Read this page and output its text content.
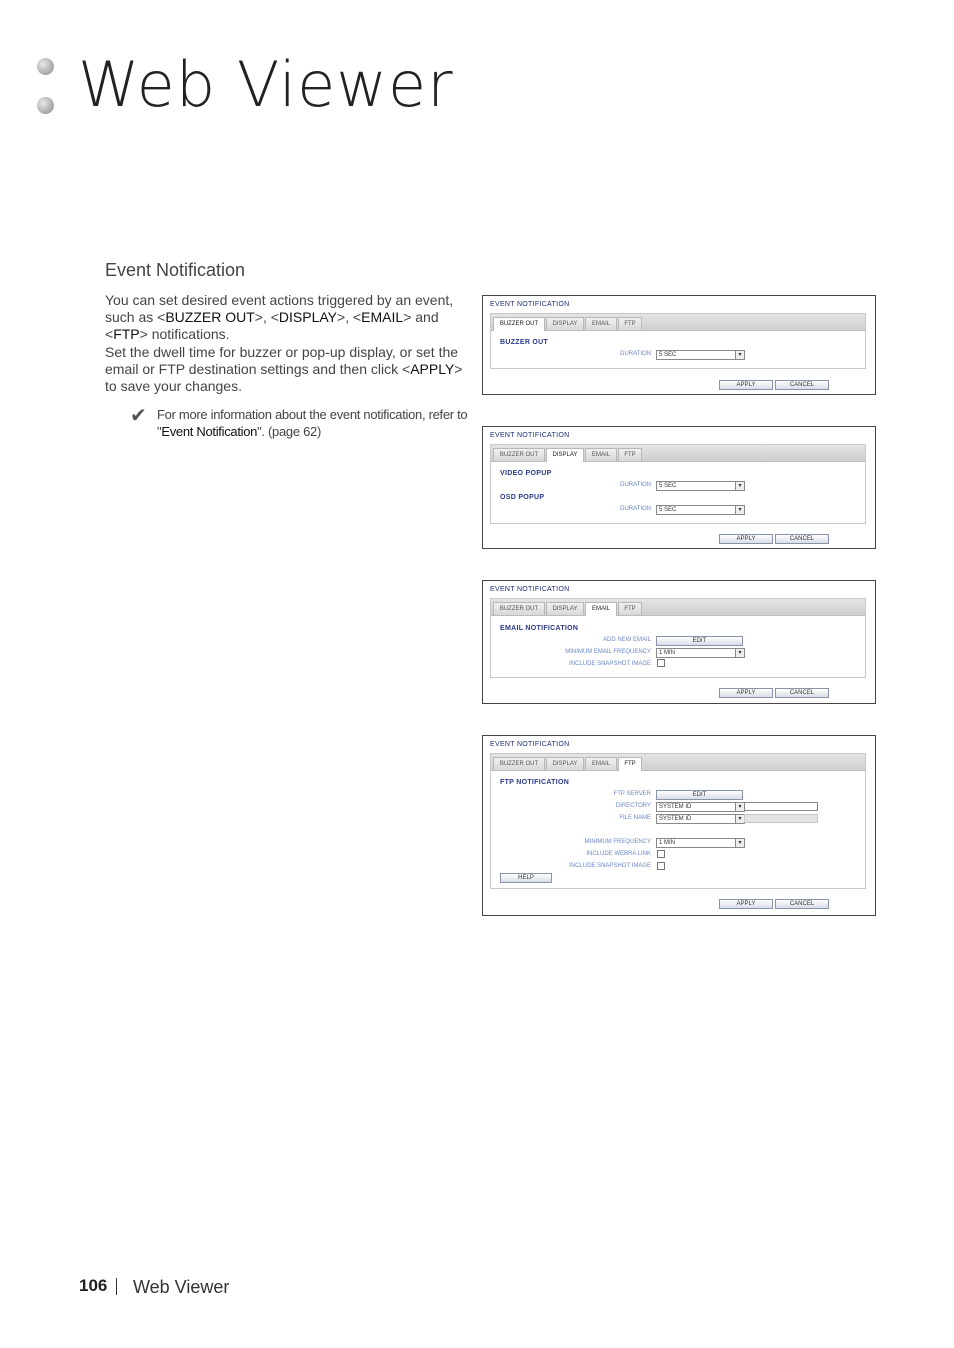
Web Viewer
Event Notification
You can set desired event actions triggered by an event, such as <BUZZER OUT>, <DISPLAY>, <EMAIL> and <FTP> notifications.
Set the dwell time for buzzer or pop-up display, or set the email or FTP destination settings and then click <APPLY> to save your changes.
✔ For more information about the event notification, refer to "Event Notification". (page 62)
EVENT NOTIFICATION
BUZZER OUT	DISPLAY	EMAIL	FTP
BUZZER OUT
DURATION	5 SEC	▾
APPLY	CANCEL
EVENT NOTIFICATION
BUZZER OUT	DISPLAY	EMAIL	FTP
VIDEO POPUP
DURATION	5 SEC	▾
OSD POPUP
DURATION	5 SEC	▾
APPLY	CANCEL
EVENT NOTIFICATION
BUZZER OUT	DISPLAY	EMAIL	FTP
EMAIL NOTIFICATION
ADD NEW EMAIL	EDIT
MINIMUM EMAIL FREQUENCY	1 MIN	▾
INCLUDE SNAPSHOT IMAGE
APPLY	CANCEL
EVENT NOTIFICATION
BUZZER OUT	DISPLAY	EMAIL	FTP
FTP NOTIFICATION
FTP SERVER	EDIT
DIRECTORY	SYSTEM ID	▾
FILE NAME	SYSTEM ID	▾
MINIMUM FREQUENCY	1 MIN	▾
INCLUDE WEBRA LINK
INCLUDE SNAPSHOT IMAGE
HELP
APPLY	CANCEL
106 Web Viewer
